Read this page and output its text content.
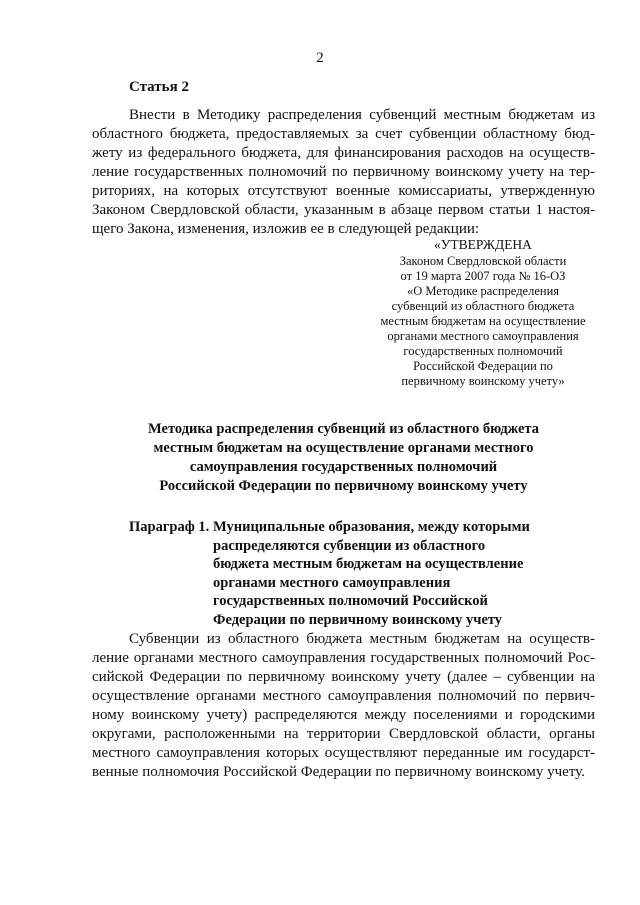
2
Статья 2
Внести в Методику распределения субвенций местным бюджетам из
областного бюджета, предоставляемых за счет субвенции областному бюд-
жету из федерального бюджета, для финансирования расходов на осуществ-
ление государственных полномочий по первичному воинскому учету на тер-
риториях, на которых отсутствуют военные комиссариаты, утвержденную
Законом Свердловской области, указанным в абзаце первом статьи 1 настоя-
щего Закона, изменения, изложив ее в следующей редакции:
«УТВЕРЖДЕНА
Законом Свердловской области
от 19 марта 2007 года № 16-ОЗ
«О Методике распределения
субвенций из областного бюджета
местным бюджетам на осуществление
органами местного самоуправления
государственных полномочий
Российской Федерации по
первичному воинскому учету»
Методика распределения субвенций из областного бюджета
местным бюджетам на осуществление органами местного
самоуправления государственных полномочий
Российской Федерации по первичному воинскому учету
Параграф 1. Муниципальные образования, между которыми
распределяются субвенции из областного
бюджета местным бюджетам на осуществление
органами местного самоуправления
государственных полномочий Российской
Федерации по первичному воинскому учету
Субвенции из областного бюджета местным бюджетам на осуществ-
ление органами местного самоуправления государственных полномочий Рос-
сийской Федерации по первичному воинскому учету (далее – субвенции на
осуществление органами местного самоуправления полномочий по первич-
ному воинскому учету) распределяются между поселениями и городскими
округами, расположенными на территории Свердловской области, органы
местного самоуправления которых осуществляют переданные им государст-
венные полномочия Российской Федерации по первичному воинскому учету.
